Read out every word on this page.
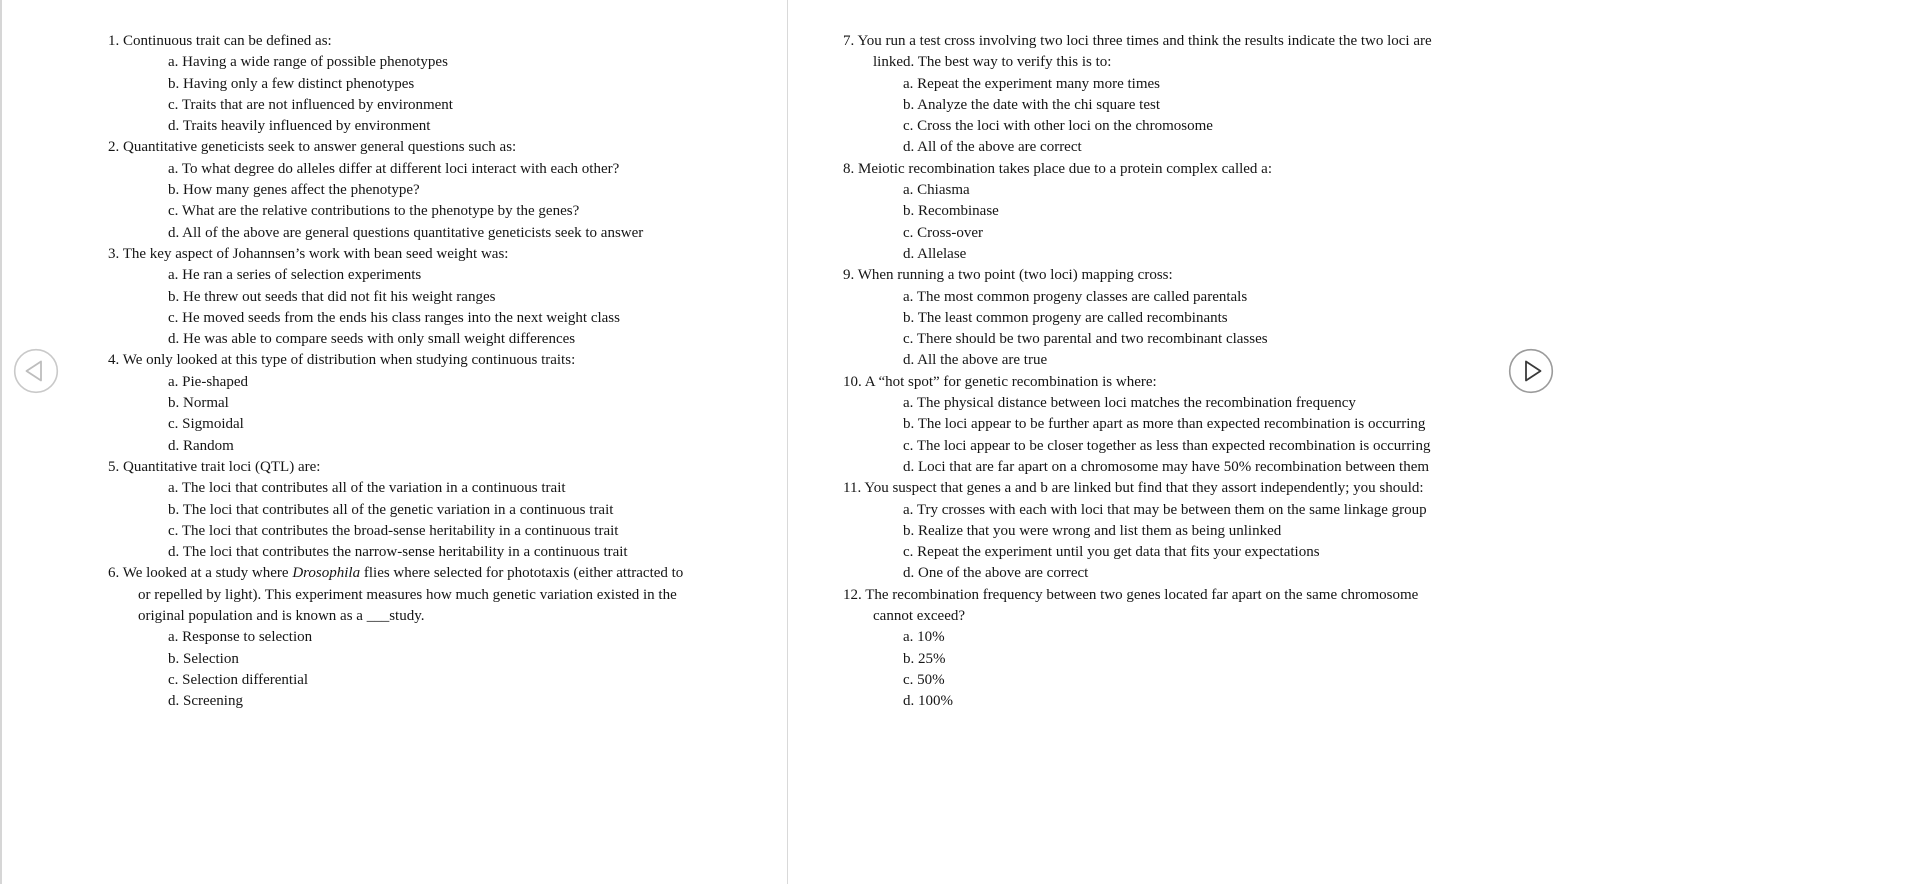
1. Continuous trait can be defined as:
a. Having a wide range of possible phenotypes
b. Having only a few distinct phenotypes
c. Traits that are not influenced by environment
d. Traits heavily influenced by environment
2. Quantitative geneticists seek to answer general questions such as:
a. To what degree do alleles differ at different loci interact with each other?
b. How many genes affect the phenotype?
c. What are the relative contributions to the phenotype by the genes?
d. All of the above are general questions quantitative geneticists seek to answer
3. The key aspect of Johannsen’s work with bean seed weight was:
a. He ran a series of selection experiments
b. He threw out seeds that did not fit his weight ranges
c. He moved seeds from the ends his class ranges into the next weight class
d. He was able to compare seeds with only small weight differences
4. We only looked at this type of distribution when studying continuous traits:
a. Pie-shaped
b. Normal
c. Sigmoidal
d. Random
5. Quantitative trait loci (QTL) are:
a. The loci that contributes all of the variation in a continuous trait
b. The loci that contributes all of the genetic variation in a continuous trait
c. The loci that contributes the broad-sense heritability in a continuous trait
d. The loci that contributes the narrow-sense heritability in a continuous trait
6. We looked at a study where Drosophila flies where selected for phototaxis (either attracted to
or repelled by light). This experiment measures how much genetic variation existed in the
original population and is known as a ___study.
a. Response to selection
b. Selection
c. Selection differential
d. Screening
7. You run a test cross involving two loci three times and think the results indicate the two loci are
linked. The best way to verify this is to:
a. Repeat the experiment many more times
b. Analyze the date with the chi square test
c. Cross the loci with other loci on the chromosome
d. All of the above are correct
8. Meiotic recombination takes place due to a protein complex called a:
a. Chiasma
b. Recombinase
c. Cross-over
d. Allelase
9. When running a two point (two loci) mapping cross:
a. The most common progeny classes are called parentals
b. The least common progeny are called recombinants
c. There should be two parental and two recombinant classes
d. All the above are true
10. A “hot spot” for genetic recombination is where:
a. The physical distance between loci matches the recombination frequency
b. The loci appear to be further apart as more than expected recombination is occurring
c. The loci appear to be closer together as less than expected recombination is occurring
d. Loci that are far apart on a chromosome may have 50% recombination between them
11. You suspect that genes a and b are linked but find that they assort independently; you should:
a. Try crosses with each with loci that may be between them on the same linkage group
b. Realize that you were wrong and list them as being unlinked
c. Repeat the experiment until you get data that fits your expectations
d. One of the above are correct
12. The recombination frequency between two genes located far apart on the same chromosome
cannot exceed?
a. 10%
b. 25%
c. 50%
d. 100%
